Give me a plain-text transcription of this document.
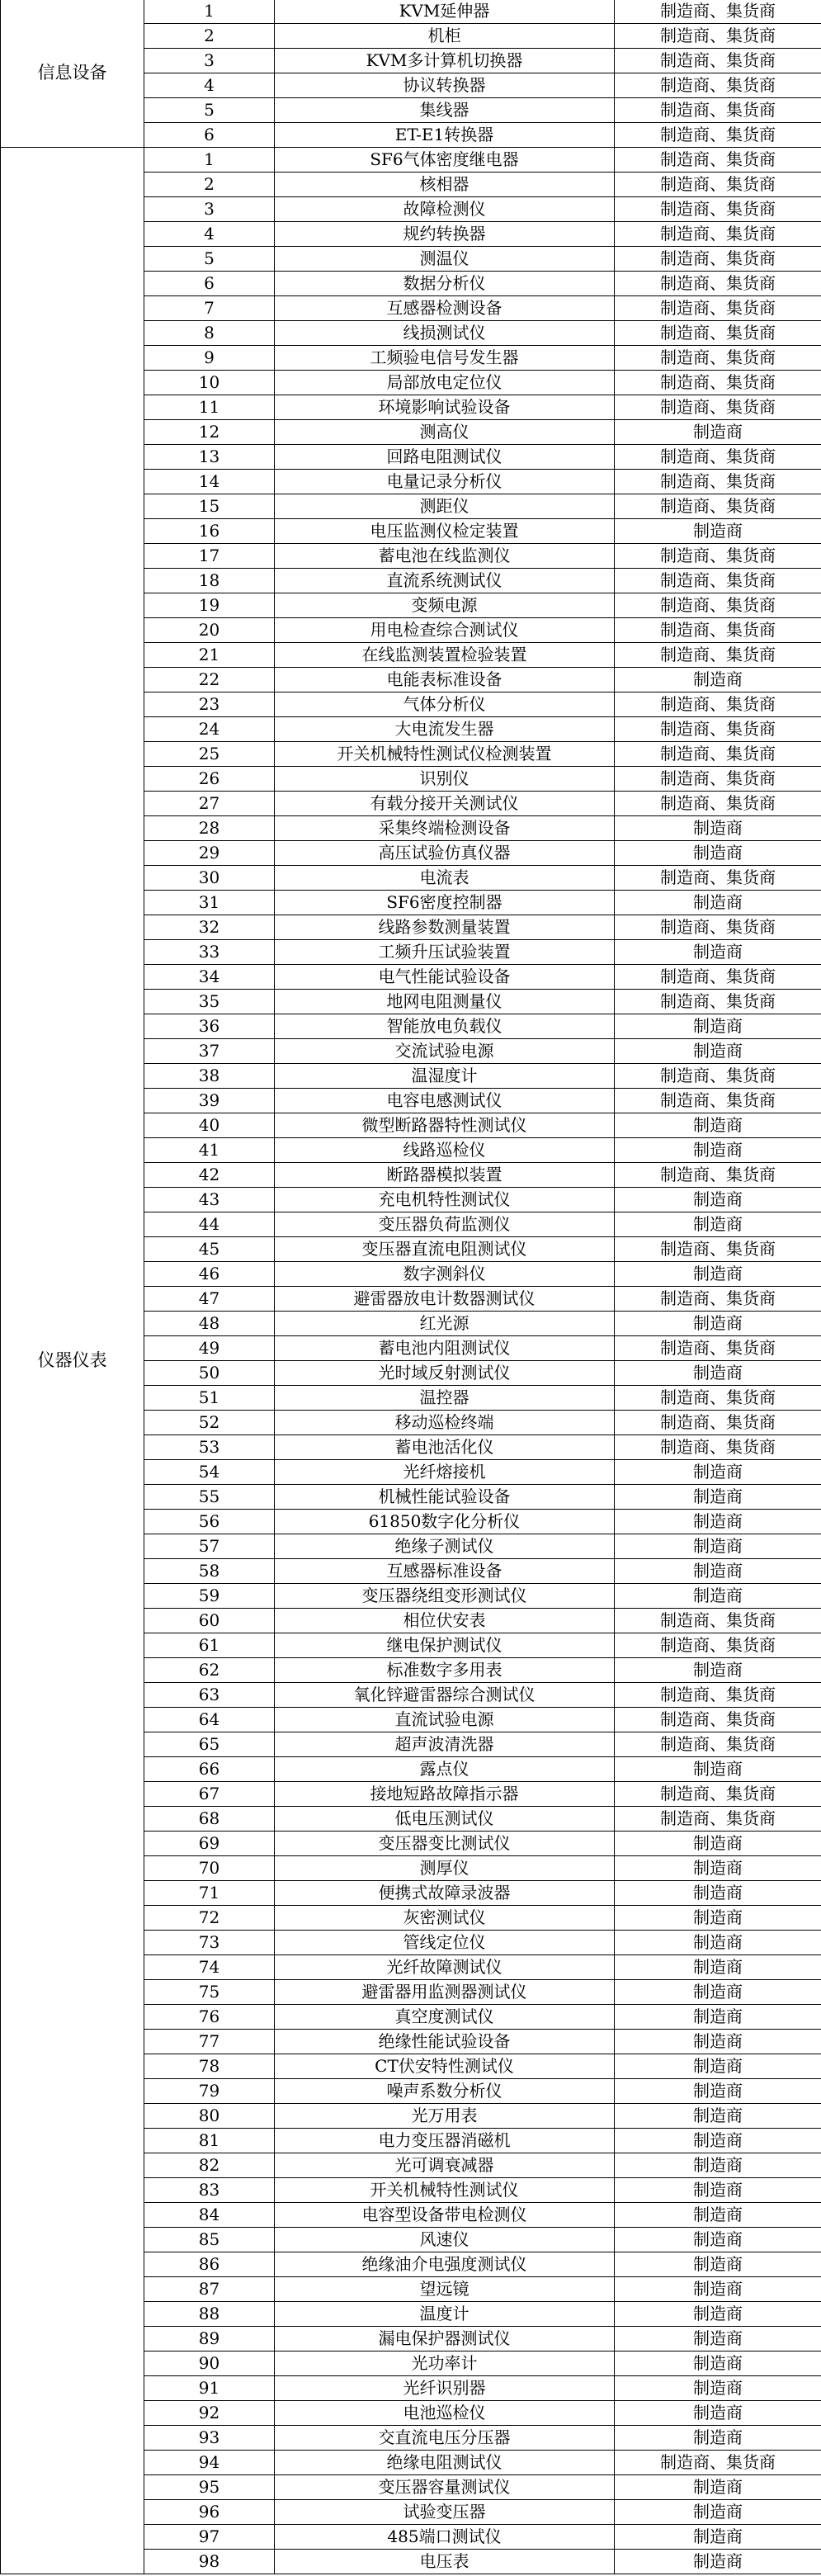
信息设备	1	KVM延伸器	制造商、集货商
	2	机柜	制造商、集货商
	3	KVM多计算机切换器	制造商、集货商
	4	协议转换器	制造商、集货商
	5	集线器	制造商、集货商
	6	ET-E1转换器	制造商、集货商
仪器仪表	1	SF6气体密度继电器	制造商、集货商
	2	核相器	制造商、集货商
	3	故障检测仪	制造商、集货商
	4	规约转换器	制造商、集货商
	5	测温仪	制造商、集货商
	6	数据分析仪	制造商、集货商
	7	互感器检测设备	制造商、集货商
	8	线损测试仪	制造商、集货商
	9	工频验电信号发生器	制造商、集货商
	10	局部放电定位仪	制造商、集货商
	11	环境影响试验设备	制造商、集货商
	12	测高仪	制造商
	13	回路电阻测试仪	制造商、集货商
	14	电量记录分析仪	制造商、集货商
	15	测距仪	制造商、集货商
	16	电压监测仪检定装置	制造商
	17	蓄电池在线监测仪	制造商、集货商
	18	直流系统测试仪	制造商、集货商
	19	变频电源	制造商、集货商
	20	用电检查综合测试仪	制造商、集货商
	21	在线监测装置检验装置	制造商、集货商
	22	电能表标准设备	制造商
	23	气体分析仪	制造商、集货商
	24	大电流发生器	制造商、集货商
	25	开关机械特性测试仪检测装置	制造商、集货商
	26	识别仪	制造商、集货商
	27	有载分接开关测试仪	制造商、集货商
	28	采集终端检测设备	制造商
	29	高压试验仿真仪器	制造商
	30	电流表	制造商、集货商
	31	SF6密度控制器	制造商
	32	线路参数测量装置	制造商、集货商
	33	工频升压试验装置	制造商
	34	电气性能试验设备	制造商、集货商
	35	地网电阻测量仪	制造商、集货商
	36	智能放电负载仪	制造商
	37	交流试验电源	制造商
	38	温湿度计	制造商、集货商
	39	电容电感测试仪	制造商、集货商
	40	微型断路器特性测试仪	制造商
	41	线路巡检仪	制造商
	42	断路器模拟装置	制造商、集货商
	43	充电机特性测试仪	制造商
	44	变压器负荷监测仪	制造商
	45	变压器直流电阻测试仪	制造商、集货商
	46	数字测斜仪	制造商
	47	避雷器放电计数器测试仪	制造商、集货商
	48	红光源	制造商
	49	蓄电池内阻测试仪	制造商、集货商
	50	光时域反射测试仪	制造商
	51	温控器	制造商、集货商
	52	移动巡检终端	制造商、集货商
	53	蓄电池活化仪	制造商、集货商
	54	光纤熔接机	制造商
	55	机械性能试验设备	制造商
	56	61850数字化分析仪	制造商
	57	绝缘子测试仪	制造商
	58	互感器标准设备	制造商
	59	变压器绕组变形测试仪	制造商
	60	相位伏安表	制造商、集货商
	61	继电保护测试仪	制造商、集货商
	62	标准数字多用表	制造商
	63	氧化锌避雷器综合测试仪	制造商、集货商
	64	直流试验电源	制造商、集货商
	65	超声波清洗器	制造商、集货商
	66	露点仪	制造商
	67	接地短路故障指示器	制造商、集货商
	68	低电压测试仪	制造商、集货商
	69	变压器变比测试仪	制造商
	70	测厚仪	制造商
	71	便携式故障录波器	制造商
	72	灰密测试仪	制造商
	73	管线定位仪	制造商
	74	光纤故障测试仪	制造商
	75	避雷器用监测器测试仪	制造商
	76	真空度测试仪	制造商
	77	绝缘性能试验设备	制造商
	78	CT伏安特性测试仪	制造商
	79	噪声系数分析仪	制造商
	80	光万用表	制造商
	81	电力变压器消磁机	制造商
	82	光可调衰减器	制造商
	83	开关机械特性测试仪	制造商
	84	电容型设备带电检测仪	制造商
	85	风速仪	制造商
	86	绝缘油介电强度测试仪	制造商
	87	望远镜	制造商
	88	温度计	制造商
	89	漏电保护器测试仪	制造商
	90	光功率计	制造商
	91	光纤识别器	制造商
	92	电池巡检仪	制造商
	93	交直流电压分压器	制造商
	94	绝缘电阻测试仪	制造商、集货商
	95	变压器容量测试仪	制造商
	96	试验变压器	制造商
	97	485端口测试仪	制造商
	98	电压表	制造商
